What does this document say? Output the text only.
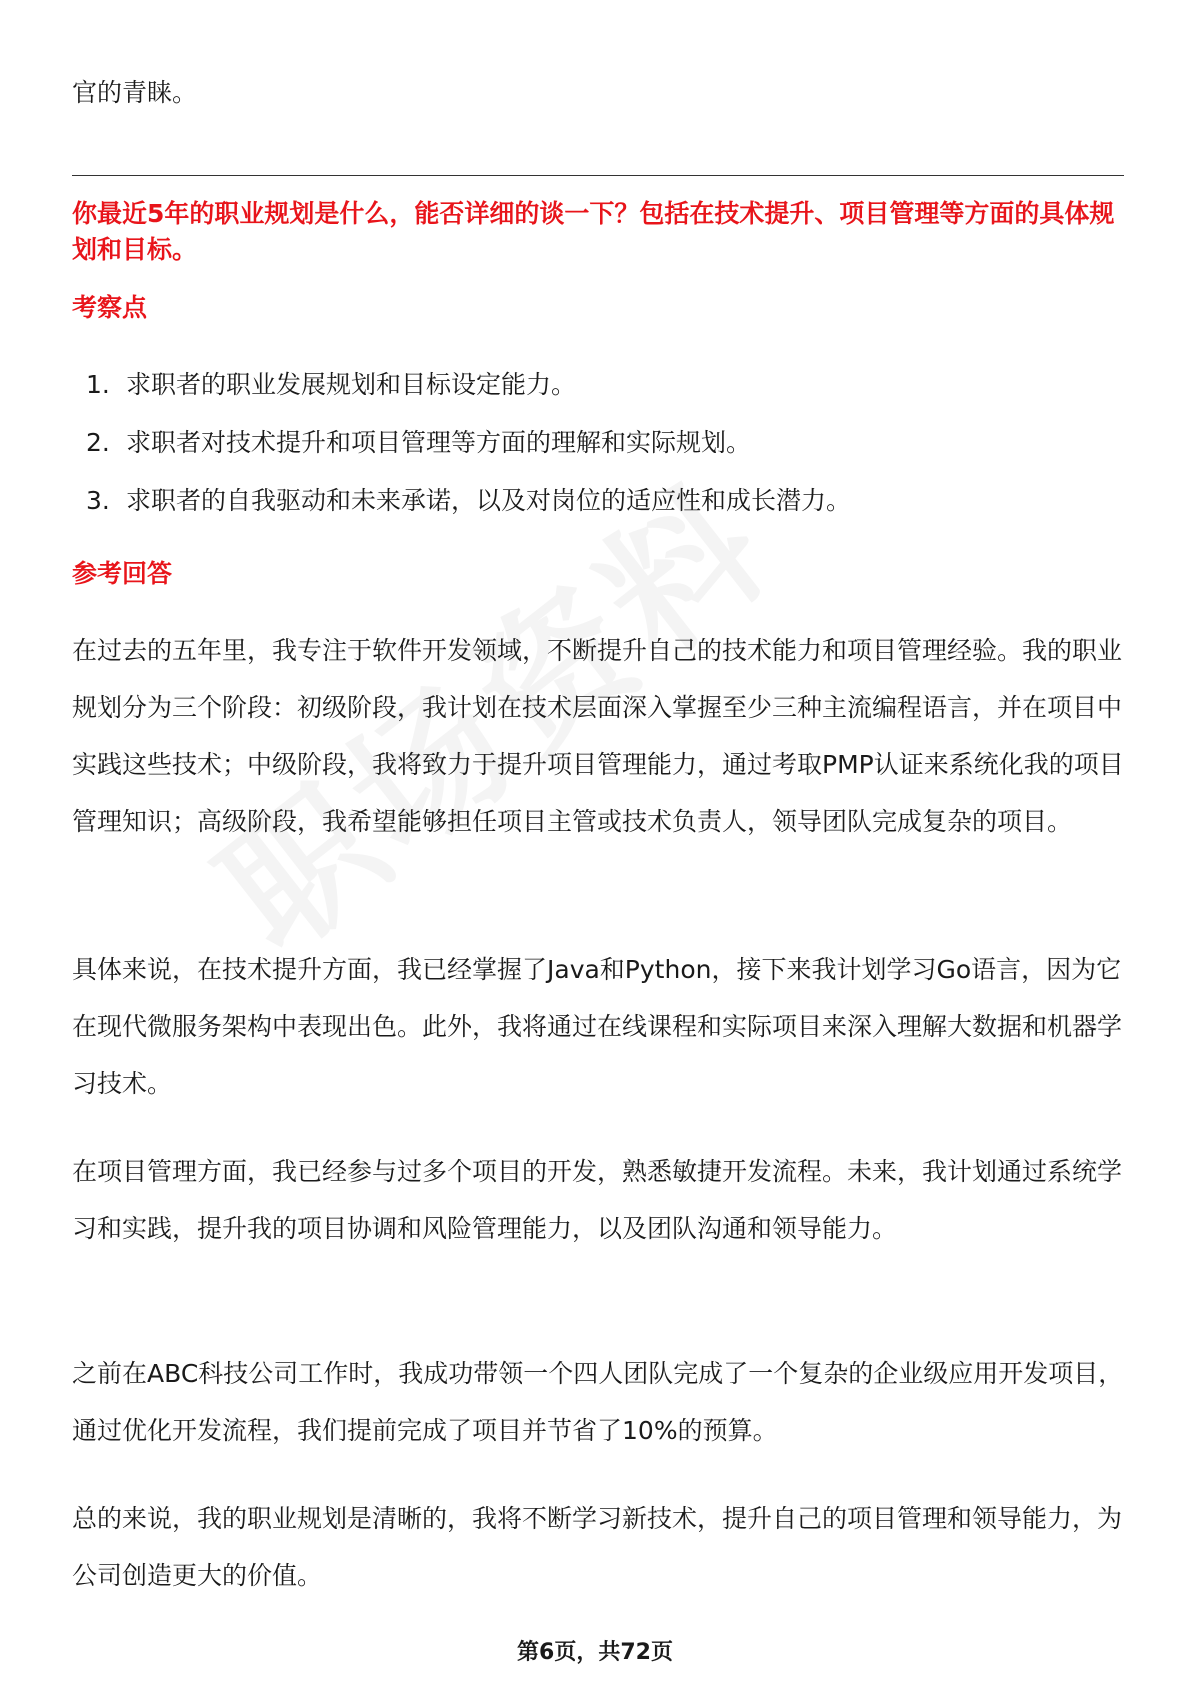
官的青睐。
你最近5年的职业规划是什么，能否详细的谈一下？包括在技术提升、项目管理等方面的具体规划和目标。
考察点
1. 求职者的职业发展规划和目标设定能力。
2. 求职者对技术提升和项目管理等方面的理解和实际规划。
3. 求职者的自我驱动和未来承诺，以及对岗位的适应性和成长潜力。
参考回答

在过去的五年里，我专注于软件开发领域，不断提升自己的技术能力和项目管理经验。我的职业规划分为三个阶段：初级阶段，我计划在技术层面深入掌握至少三种主流编程语言，并在项目中实践这些技术；中级阶段，我将致力于提升项目管理能力，通过考取PMP认证来系统化我的项目管理知识；高级阶段，我希望能够担任项目主管或技术负责人，领导团队完成复杂的项目。

具体来说，在技术提升方面，我已经掌握了Java和Python，接下来我计划学习Go语言，因为它在现代微服务架构中表现出色。此外，我将通过在线课程和实际项目来深入理解大数据和机器学习技术。

在项目管理方面，我已经参与过多个项目的开发，熟悉敏捷开发流程。未来，我计划通过系统学习和实践，提升我的项目协调和风险管理能力，以及团队沟通和领导能力。

之前在ABC科技公司工作时，我成功带领一个四人团队完成了一个复杂的企业级应用开发项目，通过优化开发流程，我们提前完成了项目并节省了10%的预算。

总的来说，我的职业规划是清晰的，我将不断学习新技术，提升自己的项目管理和领导能力，为公司创造更大的价值。

第6页，共72页
